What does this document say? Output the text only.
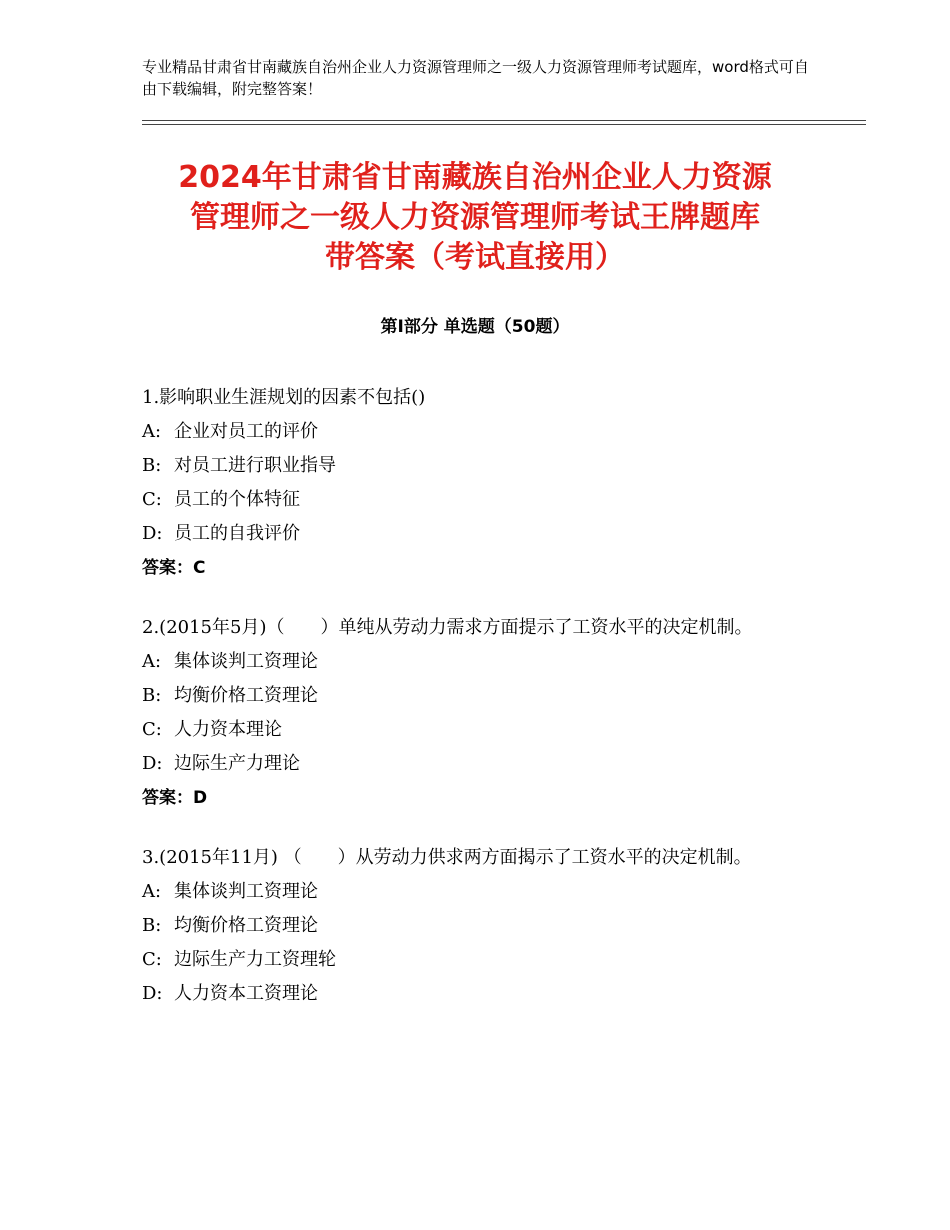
专业精品甘肃省甘南藏族自治州企业人力资源管理师之一级人力资源管理师考试题库，word格式可自由下载编辑，附完整答案！
2024年甘肃省甘南藏族自治州企业人力资源
管理师之一级人力资源管理师考试王牌题库
带答案（考试直接用）
第Ⅰ部分 单选题（50题）
1.影响职业生涯规划的因素不包括()
A: 企业对员工的评价
B: 对员工进行职业指导
C: 员工的个体特征
D: 员工的自我评价
答案：C
2.(2015年5月)（　　）单纯从劳动力需求方面提示了工资水平的决定机制。
A: 集体谈判工资理论
B: 均衡价格工资理论
C: 人力资本理论
D: 边际生产力理论
答案：D
3.(2015年11月) （　　）从劳动力供求两方面揭示了工资水平的决定机制。
A: 集体谈判工资理论
B: 均衡价格工资理论
C: 边际生产力工资理轮
D: 人力资本工资理论
